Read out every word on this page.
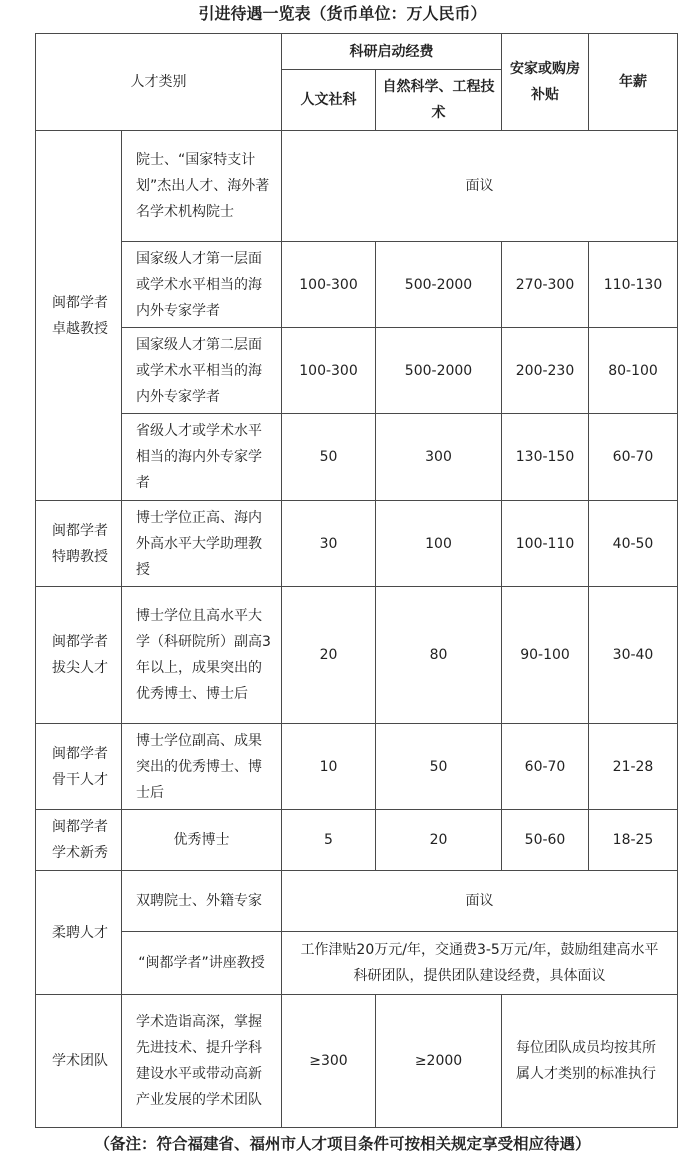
引进待遇一览表（货币单位：万人民币）
人才类别		科研启动经费		安家或购房补贴	年薪
		人文社科	自然科学、工程技术		
闽都学者卓越教授	院士、“国家特支计划”杰出人才、海外著名学术机构院士	面议			
	国家级人才第一层面或学术水平相当的海内外专家学者	100-300	500-2000	270-300	110-130
	国家级人才第二层面或学术水平相当的海内外专家学者	100-300	500-2000	200-230	80-100
	省级人才或学术水平相当的海内外专家学者	50	300	130-150	60-70
闽都学者特聘教授	博士学位正高、海内外高水平大学助理教授	30	100	100-110	40-50
闽都学者拔尖人才	博士学位且高水平大学（科研院所）副高3年以上，成果突出的优秀博士、博士后	20	80	90-100	30-40
闽都学者骨干人才	博士学位副高、成果突出的优秀博士、博士后	10	50	60-70	21-28
闽都学者学术新秀	优秀博士	5	20	50-60	18-25
柔聘人才	双聘院士、外籍专家	面议			
	“闽都学者”讲座教授	工作津贴20万元/年，交通费3-5万元/年，鼓励组建高水平科研团队，提供团队建设经费，具体面议			
学术团队	学术造诣高深，掌握先进技术、提升学科建设水平或带动高新产业发展的学术团队	≥300	≥2000	每位团队成员均按其所属人才类别的标准执行	
（备注：符合福建省、福州市人才项目条件可按相关规定享受相应待遇）
